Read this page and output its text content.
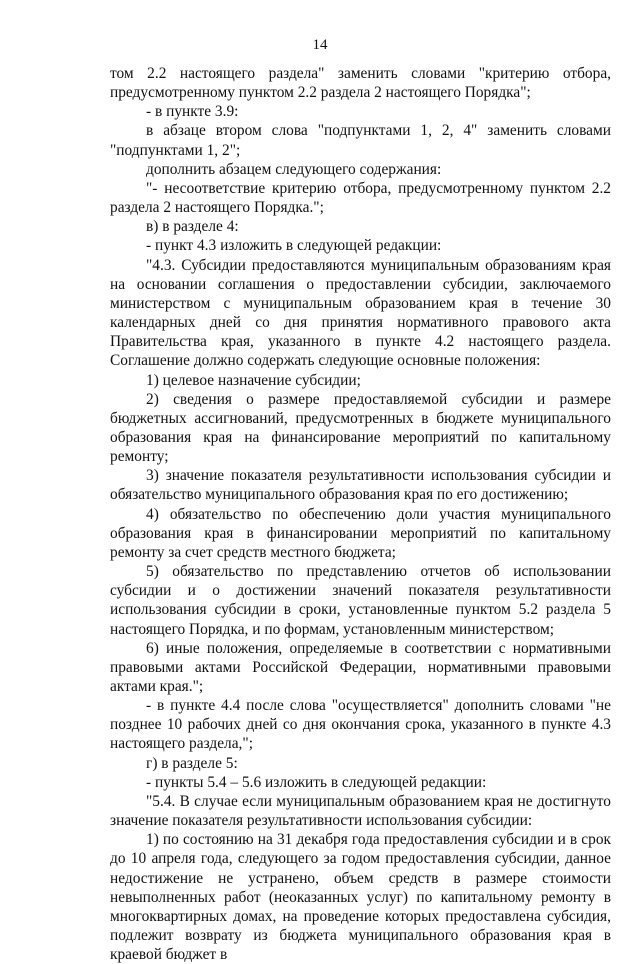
14

том 2.2 настоящего раздела" заменить словами "критерию отбора, предусмотренному пунктом 2.2 раздела 2 настоящего Порядка";

- в пункте 3.9:

в абзаце втором слова "подпунктами 1, 2, 4" заменить словами "подпунктами 1, 2";

дополнить абзацем следующего содержания:

"- несоответствие критерию отбора, предусмотренному пунктом 2.2 раздела 2 настоящего Порядка.";

в) в разделе 4:

- пункт 4.3 изложить в следующей редакции:

"4.3. Субсидии предоставляются муниципальным образованиям края на основании соглашения о предоставлении субсидии, заключаемого министерством с муниципальным образованием края в течение 30 календарных дней со дня принятия нормативного правового акта Правительства края, указанного в пункте 4.2 настоящего раздела. Соглашение должно содержать следующие основные положения:

1) целевое назначение субсидии;

2) сведения о размере предоставляемой субсидии и размере бюджетных ассигнований, предусмотренных в бюджете муниципального образования края на финансирование мероприятий по капитальному ремонту;

3) значение показателя результативности использования субсидии и обязательство муниципального образования края по его достижению;

4) обязательство по обеспечению доли участия муниципального образования края в финансировании мероприятий по капитальному ремонту за счет средств местного бюджета;

5) обязательство по представлению отчетов об использовании субсидии и о достижении значений показателя результативности использования субсидии в сроки, установленные пунктом 5.2 раздела 5 настоящего Порядка, и по формам, установленным министерством;

6) иные положения, определяемые в соответствии с нормативными правовыми актами Российской Федерации, нормативными правовыми актами края.";

- в пункте 4.4 после слова "осуществляется" дополнить словами "не позднее 10 рабочих дней со дня окончания срока, указанного в пункте 4.3 настоящего раздела,";

г) в разделе 5:

- пункты 5.4 – 5.6 изложить в следующей редакции:

"5.4. В случае если муниципальным образованием края не достигнуто значение показателя результативности использования субсидии:

1) по состоянию на 31 декабря года предоставления субсидии и в срок до 10 апреля года, следующего за годом предоставления субсидии, данное недостижение не устранено, объем средств в размере стоимости невыполненных работ (неоказанных услуг) по капитальному ремонту в многоквартирных домах, на проведение которых предоставлена субсидия, подлежит возврату из бюджета муниципального образования края в краевой бюджет в
